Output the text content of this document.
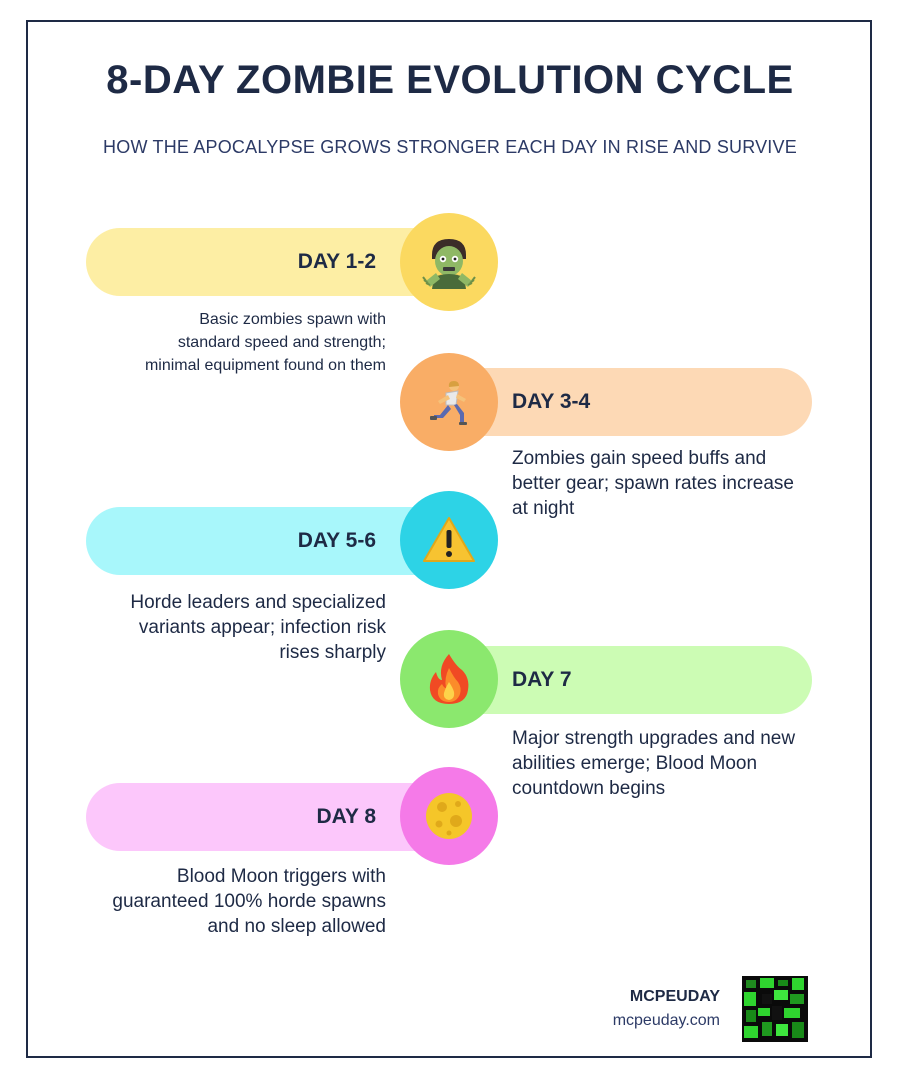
8-DAY ZOMBIE EVOLUTION CYCLE
HOW THE APOCALYPSE GROWS STRONGER EACH DAY IN RISE AND SURVIVE
DAY 1-2
Basic zombies spawn with standard speed and strength; minimal equipment found on them
DAY 3-4
Zombies gain speed buffs and better gear; spawn rates increase at night
DAY 5-6
Horde leaders and specialized variants appear; infection risk rises sharply
DAY 7
Major strength upgrades and new abilities emerge; Blood Moon countdown begins
DAY 8
Blood Moon triggers with guaranteed 100% horde spawns and no sleep allowed
MCPEUDAY
mcpeuday.com
